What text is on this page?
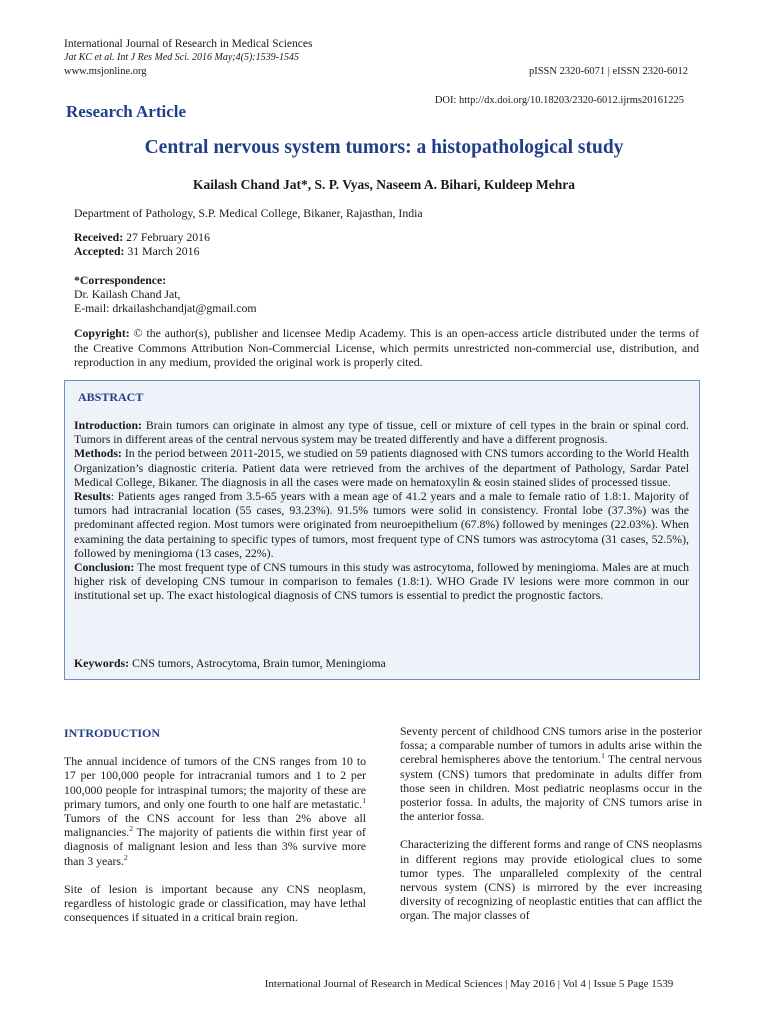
International Journal of Research in Medical Sciences
Jat KC et al. Int J Res Med Sci. 2016 May;4(5):1539-1545
www.msjonline.org	pISSN 2320-6071 | eISSN 2320-6012
DOI: http://dx.doi.org/10.18203/2320-6012.ijrms20161225
Research Article
Central nervous system tumors: a histopathological study
Kailash Chand Jat*, S. P. Vyas, Naseem A. Bihari, Kuldeep Mehra
Department of Pathology, S.P. Medical College, Bikaner, Rajasthan, India
Received: 27 February 2016
Accepted: 31 March 2016
*Correspondence:
Dr. Kailash Chand Jat,
E-mail: drkailashchandjat@gmail.com
Copyright: © the author(s), publisher and licensee Medip Academy. This is an open-access article distributed under the terms of the Creative Commons Attribution Non-Commercial License, which permits unrestricted non-commercial use, distribution, and reproduction in any medium, provided the original work is properly cited.
ABSTRACT

Introduction: Brain tumors can originate in almost any type of tissue, cell or mixture of cell types in the brain or spinal cord. Tumors in different areas of the central nervous system may be treated differently and have a different prognosis.

Methods: In the period between 2011-2015, we studied on 59 patients diagnosed with CNS tumors according to the World Health Organization’s diagnostic criteria. Patient data were retrieved from the archives of the department of Pathology, Sardar Patel Medical College, Bikaner. The diagnosis in all the cases were made on hematoxylin & eosin stained slides of processed tissue.

Results: Patients ages ranged from 3.5-65 years with a mean age of 41.2 years and a male to female ratio of 1.8:1. Majority of tumors had intracranial location (55 cases, 93.23%). 91.5% tumors were solid in consistency. Frontal lobe (37.3%) was the predominant affected region. Most tumors were originated from neuroepithelium (67.8%) followed by meninges (22.03%). When examining the data pertaining to specific types of tumors, most frequent type of CNS tumors was astrocytoma (31 cases, 52.5%), followed by meningioma (13 cases, 22%).

Conclusion: The most frequent type of CNS tumours in this study was astrocytoma, followed by meningioma. Males are at much higher risk of developing CNS tumour in comparison to females (1.8:1). WHO Grade IV lesions were more common in our institutional set up. The exact histological diagnosis of CNS tumors is essential to predict the prognostic factors.

Keywords: CNS tumors, Astrocytoma, Brain tumor, Meningioma
INTRODUCTION

The annual incidence of tumors of the CNS ranges from 10 to 17 per 100,000 people for intracranial tumors and 1 to 2 per 100,000 people for intraspinal tumors; the majority of these are primary tumors, and only one fourth to one half are metastatic.$^1$ Tumors of the CNS account for less than 2% above all malignancies.$^2$ The majority of patients die within first year of diagnosis of malignant lesion and less than 3% survive more than 3 years.$^2$

Site of lesion is important because any CNS neoplasm, regardless of histologic grade or classification, may have lethal consequences if situated in a critical brain region.

Seventy percent of childhood CNS tumors arise in the posterior fossa; a comparable number of tumors in adults arise within the cerebral hemispheres above the tentorium.$^1$ The central nervous system (CNS) tumors that predominate in adults differ from those seen in children. Most pediatric neoplasms occur in the posterior fossa. In adults, the majority of CNS tumors arise in the anterior fossa.

Characterizing the different forms and range of CNS neoplasms in different regions may provide etiological clues to some tumor types. The unparalleled complexity of the central nervous system (CNS) is mirrored by the ever increasing diversity of recognizing of neoplastic entities that can afflict the organ. The major classes of

International Journal of Research in Medical Sciences | May 2016 | Vol 4 | Issue 5 Page 1539
